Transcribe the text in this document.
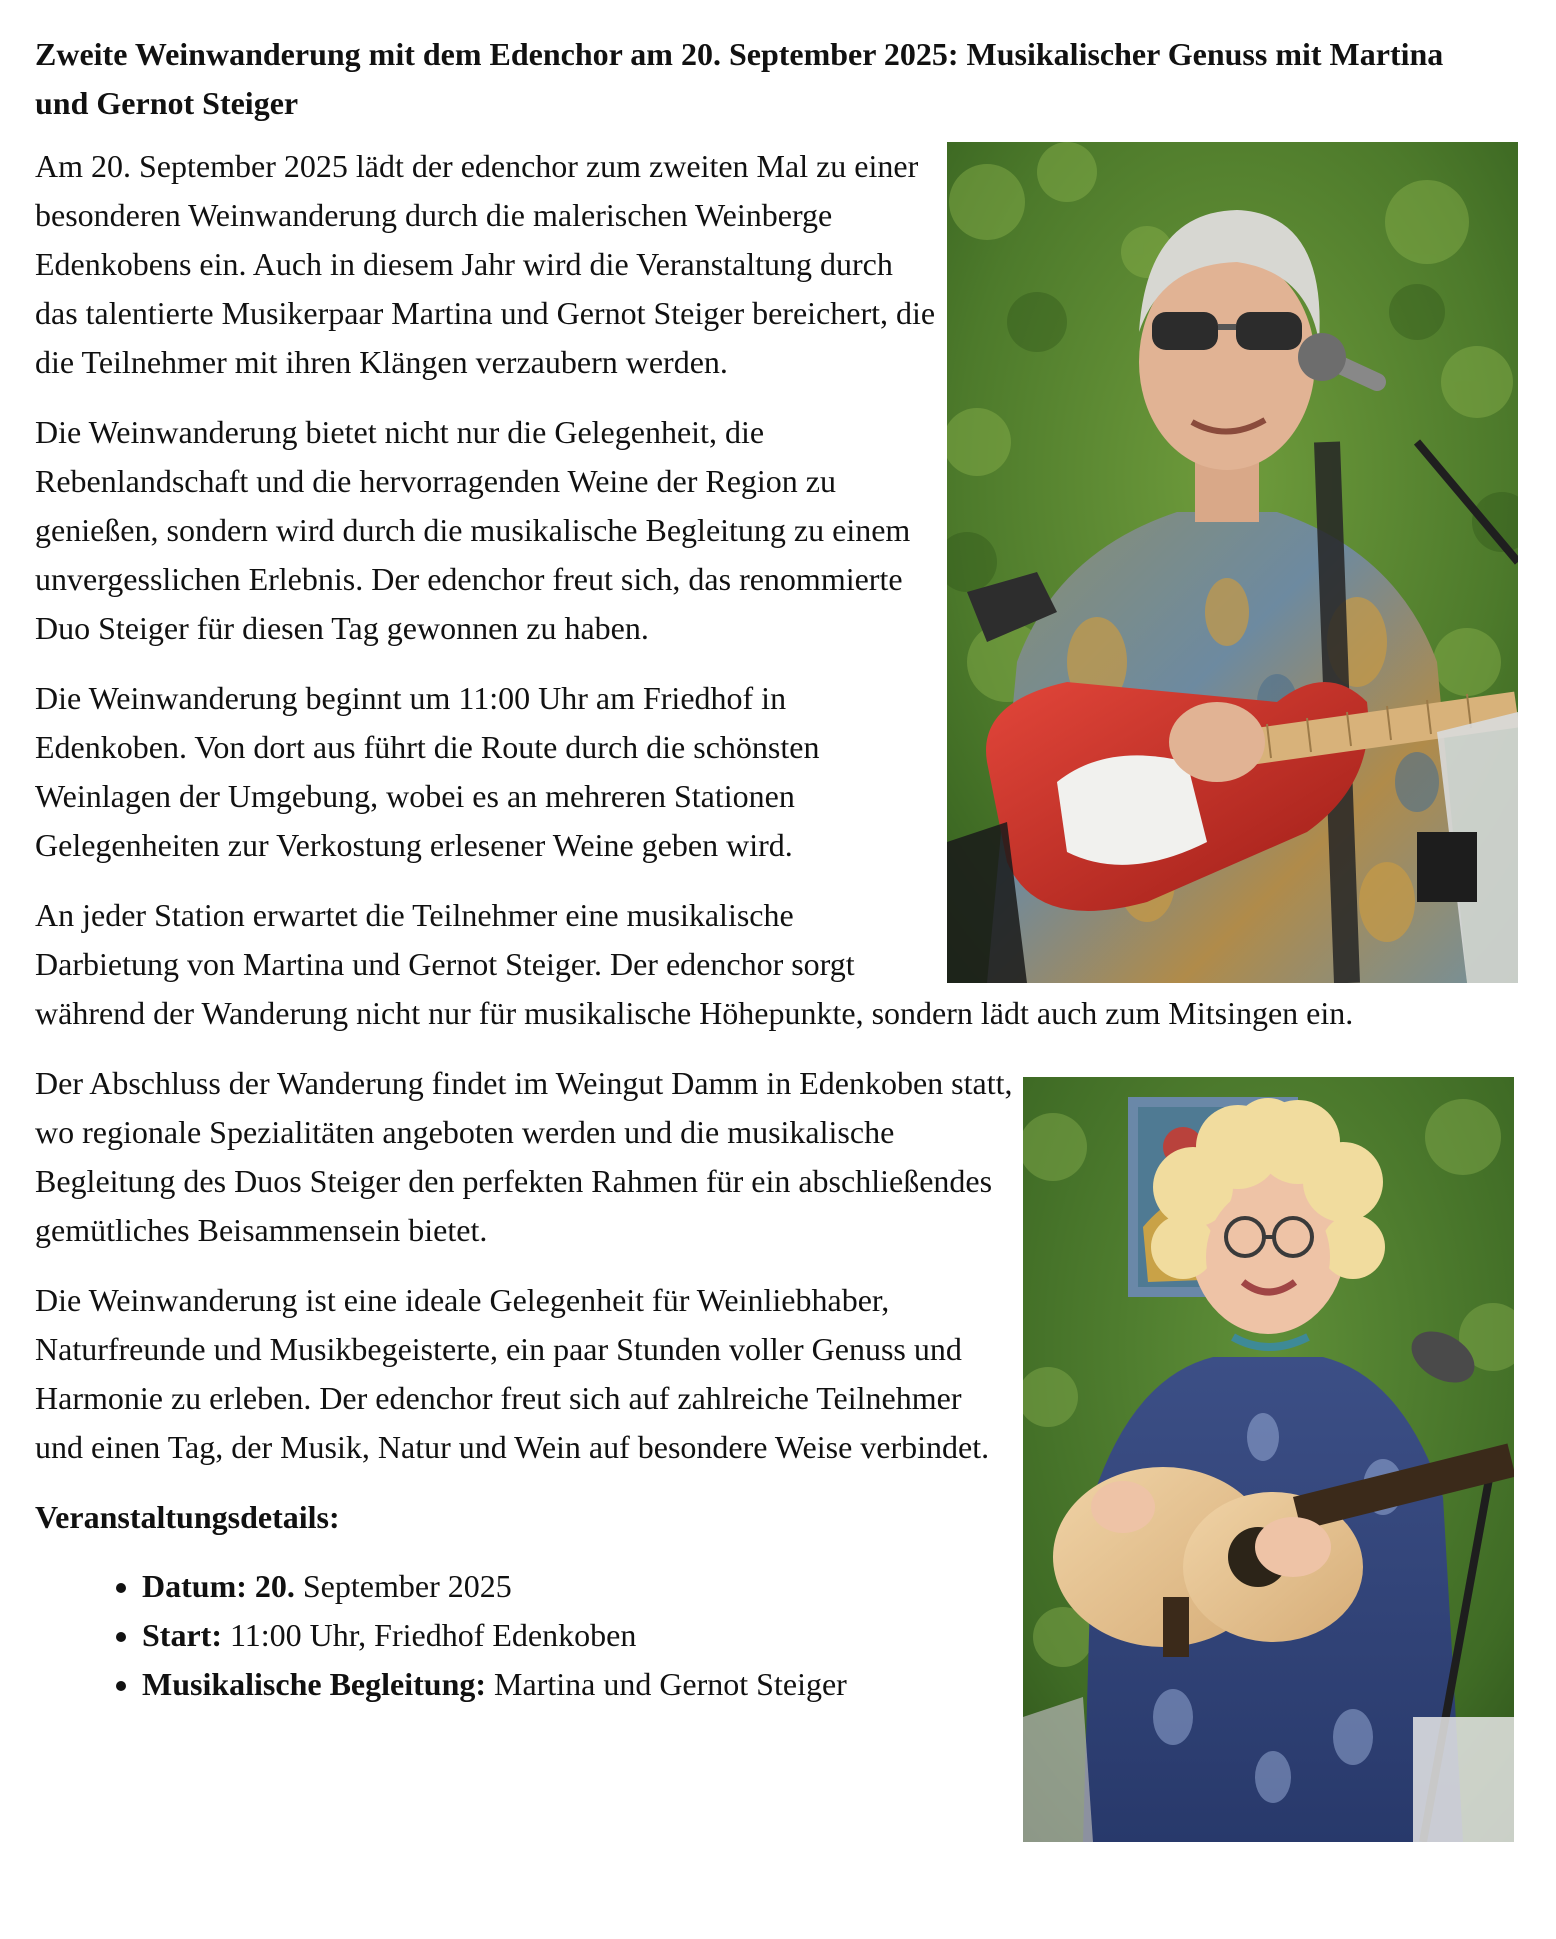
Zweite Weinwanderung mit dem Edenchor am 20. September 2025: Musikalischer Genuss mit Martina und Gernot Steiger

Am 20. September 2025 lädt der edenchor zum zweiten Mal zu einer besonderen Weinwanderung durch die malerischen Weinberge Edenkobens ein. Auch in diesem Jahr wird die Veranstaltung durch das talentierte Musikerpaar Martina und Gernot Steiger bereichert, die die Teilnehmer mit ihren Klängen verzaubern werden.

Die Weinwanderung bietet nicht nur die Gelegenheit, die Rebenlandschaft und die hervorragenden Weine der Region zu genießen, sondern wird durch die musikalische Begleitung zu einem unvergesslichen Erlebnis. Der edenchor freut sich, das renommierte Duo Steiger für diesen Tag gewonnen zu haben.

Die Weinwanderung beginnt um 11:00 Uhr am Friedhof in Edenkoben. Von dort aus führt die Route durch die schönsten Weinlagen der Umgebung, wobei es an mehreren Stationen Gelegenheiten zur Verkostung erlesener Weine geben wird.

An jeder Station erwartet die Teilnehmer eine musikalische Darbietung von Martina und Gernot Steiger. Der edenchor sorgt während der Wanderung nicht nur für musikalische Höhepunkte, sondern lädt auch zum Mitsingen ein.

Der Abschluss der Wanderung findet im Weingut Damm in Edenkoben statt, wo regionale Spezialitäten angeboten werden und die musikalische Begleitung des Duos Steiger den perfekten Rahmen für ein abschließendes gemütliches Beisammensein bietet.

Die Weinwanderung ist eine ideale Gelegenheit für Weinliebhaber, Naturfreunde und Musikbegeisterte, ein paar Stunden voller Genuss und Harmonie zu erleben. Der edenchor freut sich auf zahlreiche Teilnehmer und einen Tag, der Musik, Natur und Wein auf besondere Weise verbindet.

Veranstaltungsdetails:

• Datum: 20. September 2025
• Start: 11:00 Uhr, Friedhof Edenkoben
• Musikalische Begleitung: Martina und Gernot Steiger
